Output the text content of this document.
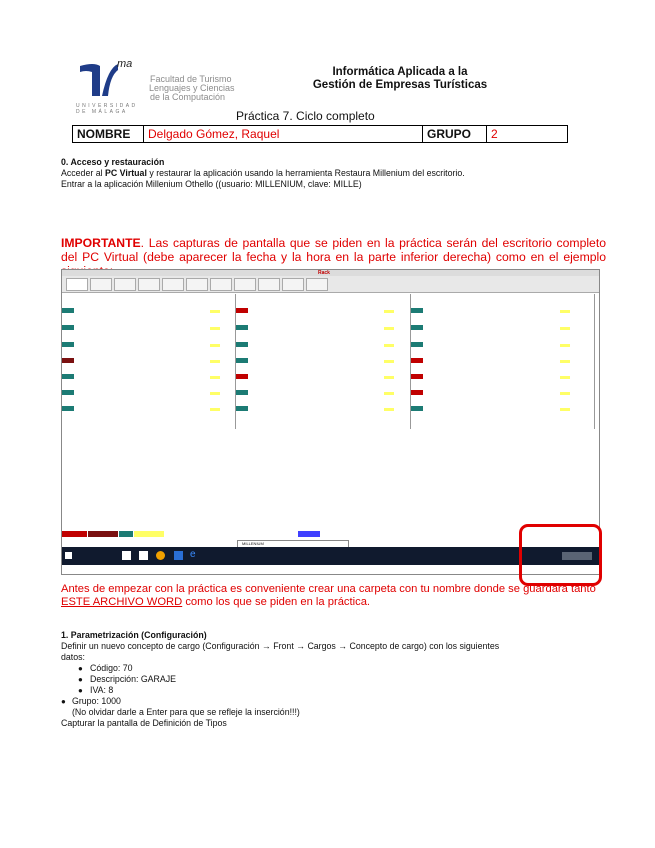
ma
Facultad de Turismo
Lenguajes y Ciencias
de la Computación
UNIVERSIDAD
DE MÁLAGA
Informática Aplicada a la
Gestión de Empresas Turísticas
Práctica 7. Ciclo completo
NOMBRE	Delgado Gómez, Raquel	GRUPO	2
0. Acceso y restauración
Acceder al PC Virtual y restaurar la aplicación usando la herramienta Restaura Millenium del escritorio.
Entrar a la aplicación Millenium Othello ((usuario: MILLENIUM, clave: MILLE)
IMPORTANTE. Las capturas de pantalla que se piden en la práctica serán del escritorio completo del PC Virtual (debe aparecer la fecha y la hora en la parte inferior derecha) como en el ejemplo
Rack
MILLENIUM
e
Antes de empezar con la práctica es conveniente crear una carpeta con tu nombre donde se guardará tanto ESTE ARCHIVO WORD como los que se piden en la práctica.
1. Parametrización (Configuración)
Definir un nuevo concepto de cargo (Configuración → Front → Cargos → Concepto de cargo) con los siguientes
datos:
● Código: 70
● Descripción: GARAJE
● IVA: 8
● Grupo: 1000
(No olvidar darle a Enter para que se refleje la inserción!!!)
Capturar la pantalla de Definición de Tipos
